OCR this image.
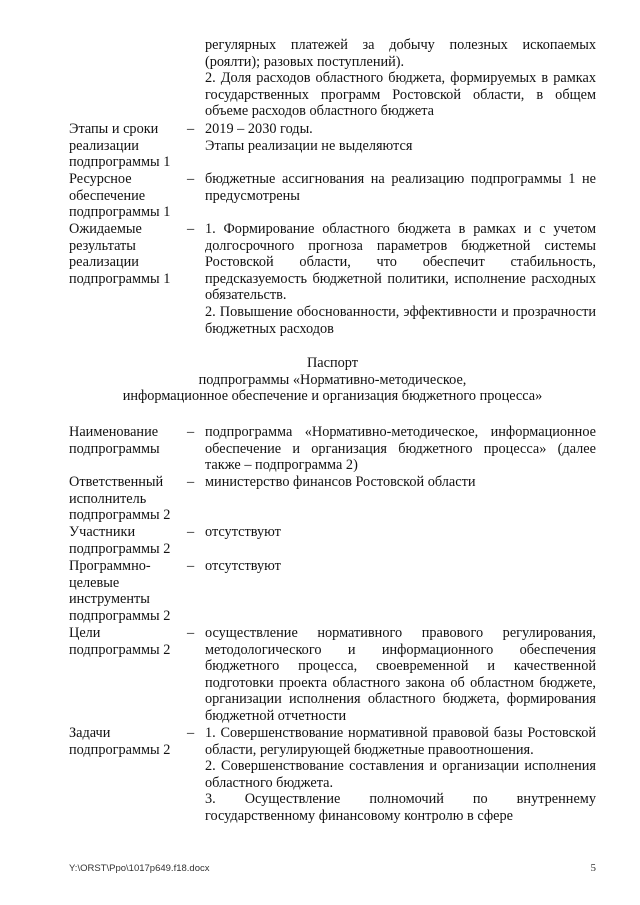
регулярных платежей за добычу полезных ископаемых (роялти); разовых поступлений).

2. Доля расходов областного бюджета, формируемых в рамках государственных программ Ростовской области, в общем объеме расходов областного бюджета

Этапы и сроки
реализации
подпрограммы 1
– 2019 – 2030 годы.

Этапы реализации не выделяются

Ресурсное
обеспечение
подпрограммы 1
– бюджетные ассигнования на реализацию подпрограммы 1 не предусмотрены

Ожидаемые
результаты
реализации
подпрограммы 1
– 1. Формирование областного бюджета в рамках и с учетом долгосрочного прогноза параметров бюджетной системы Ростовской области, что обеспечит стабильность, предсказуемость бюджетной политики, исполнение расходных обязательств.

2. Повышение обоснованности, эффективности и прозрачности бюджетных расходов

Паспорт
подпрограммы «Нормативно-методическое,
информационное обеспечение и организация бюджетного процесса»
Наименование
подпрограммы
– подпрограмма «Нормативно-методическое, информационное обеспечение и организация бюджетного процесса» (далее также – подпрограмма 2)

Ответственный
исполнитель
подпрограммы 2
– министерство финансов Ростовской области

Участники
подпрограммы 2
– отсутствуют

Программно-
целевые
инструменты
подпрограммы 2
– отсутствуют

Цели
подпрограммы 2
– осуществление нормативного правового регулирования, методологического и информационного обеспечения бюджетного процесса, своевременной и качественной подготовки проекта областного закона об областном бюджете, организации исполнения областного бюджета, формирования бюджетной отчетности

Задачи
подпрограммы 2
– 1. Совершенствование нормативной правовой базы Ростовской области, регулирующей бюджетные правоотношения.

2. Совершенствование составления и организации исполнения областного бюджета.

3. Осуществление полномочий по внутреннему государственному финансовому контролю в сфере

Y:\ORST\Ppo\1017p649.f18.docx	5
